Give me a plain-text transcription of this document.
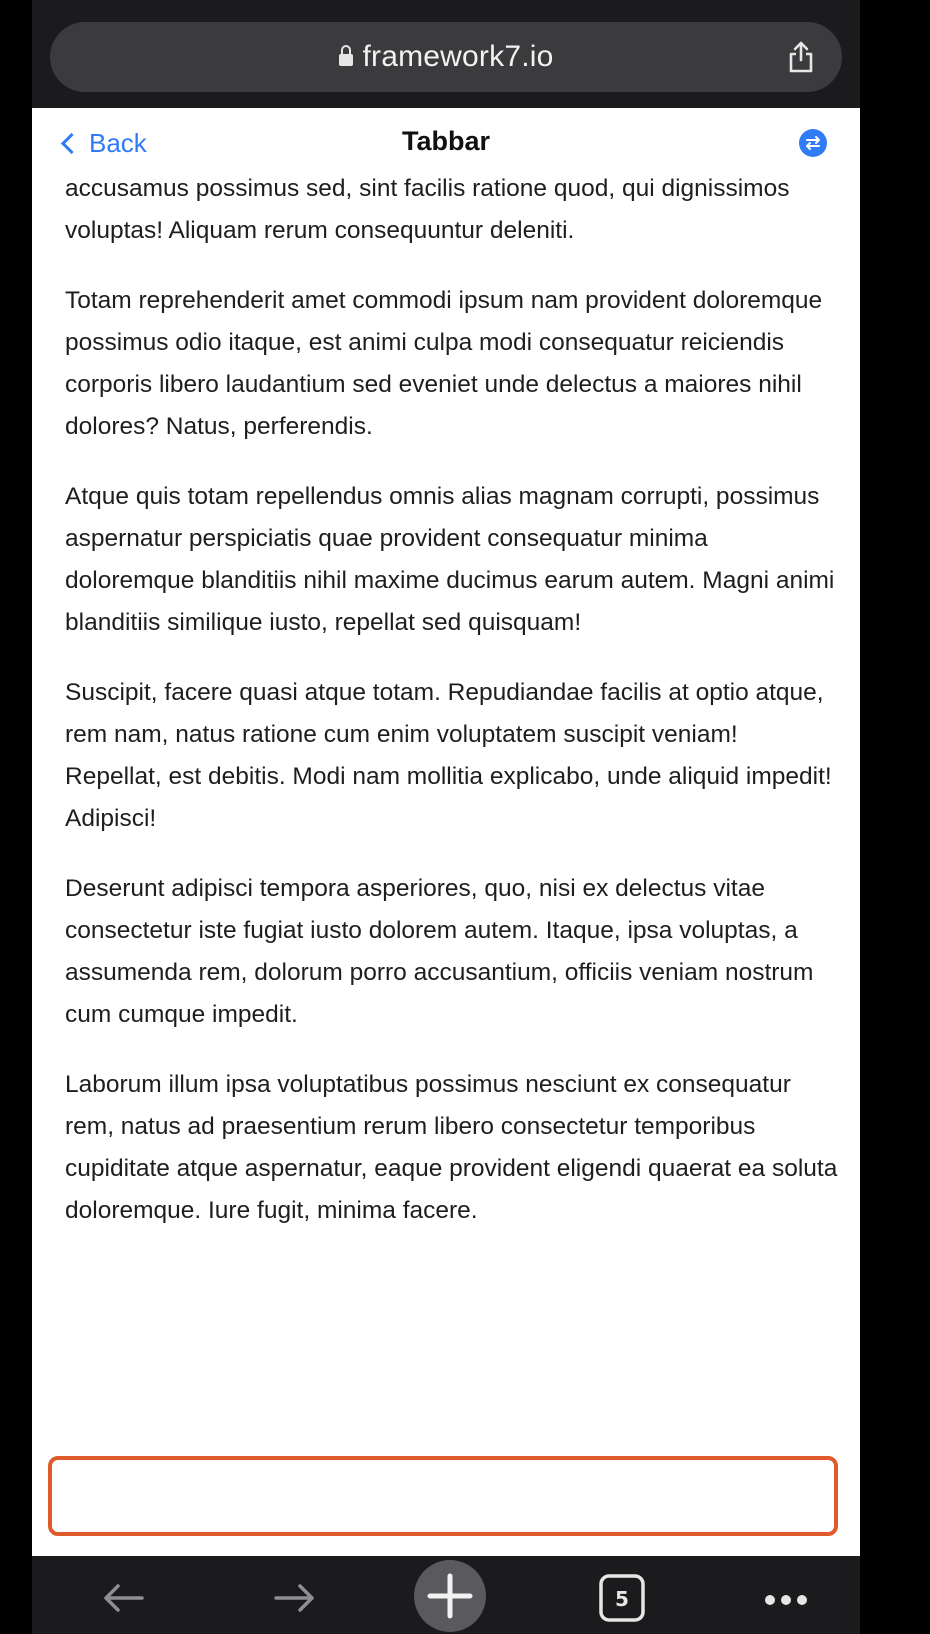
framework7.io
Back	Tabbar

accusamus possimus sed, sint facilis ratione quod, qui dignissimos voluptas! Aliquam rerum consequuntur deleniti.

Totam reprehenderit amet commodi ipsum nam provident doloremque possimus odio itaque, est animi culpa modi consequatur reiciendis corporis libero laudantium sed eveniet unde delectus a maiores nihil dolores? Natus, perferendis.

Atque quis totam repellendus omnis alias magnam corrupti, possimus aspernatur perspiciatis quae provident consequatur minima doloremque blanditiis nihil maxime ducimus earum autem. Magni animi blanditiis similique iusto, repellat sed quisquam!

Suscipit, facere quasi atque totam. Repudiandae facilis at optio atque, rem nam, natus ratione cum enim voluptatem suscipit veniam! Repellat, est debitis. Modi nam mollitia explicabo, unde aliquid impedit! Adipisci!

Deserunt adipisci tempora asperiores, quo, nisi ex delectus vitae consectetur iste fugiat iusto dolorem autem. Itaque, ipsa voluptas, a assumenda rem, dolorum porro accusantium, officiis veniam nostrum cum cumque impedit.

Laborum illum ipsa voluptatibus possimus nesciunt ex consequatur rem, natus ad praesentium rerum libero consectetur temporibus cupiditate atque aspernatur, eaque provident eligendi quaerat ea soluta doloremque. Iure fugit, minima facere.

5
